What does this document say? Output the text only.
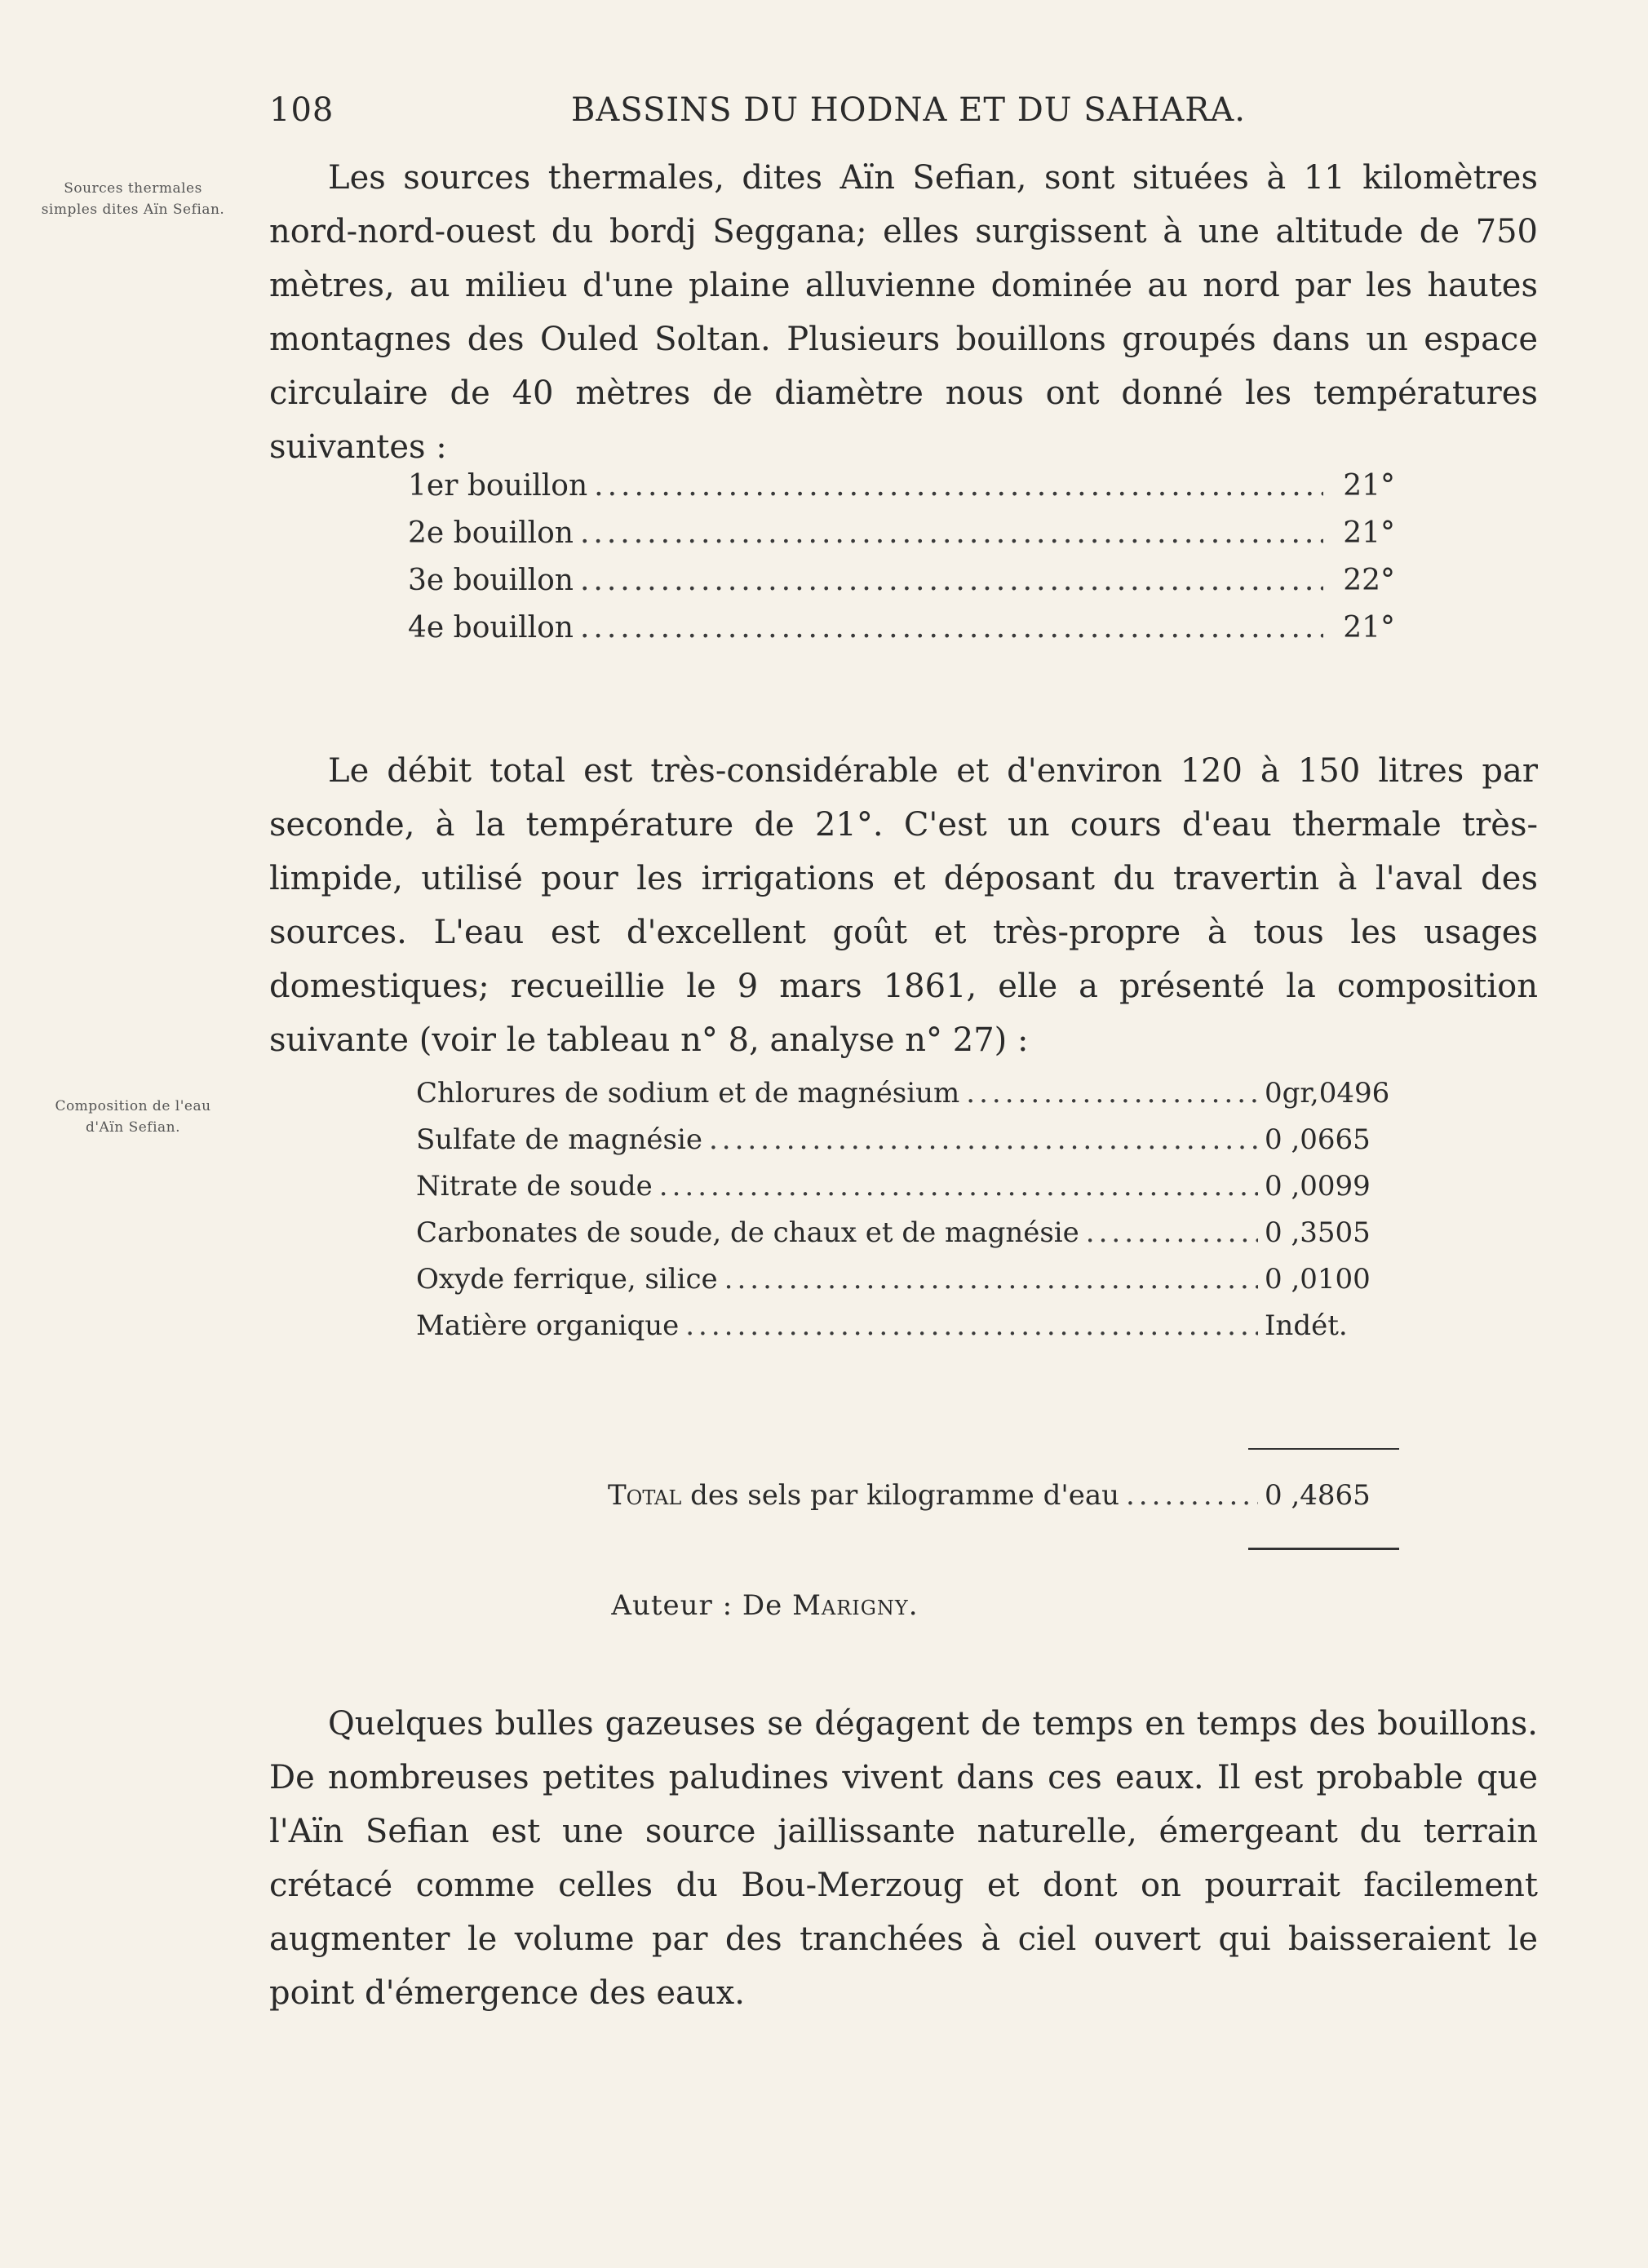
108	BASSINS DU HODNA ET DU SAHARA.
Sources thermales simples dites Aïn Sefian.
Composition de l'eau d'Aïn Sefian.

Les sources thermales, dites Aïn Sefian, sont situées à 11 kilomètres nord-nord-ouest du bordj Seggana; elles surgissent à une altitude de 750 mètres, au milieu d'une plaine alluvienne dominée au nord par les hautes montagnes des Ouled Soltan. Plusieurs bouillons groupés dans un espace circulaire de 40 mètres de diamètre nous ont donné les températures suivantes :

1er bouillon .....	21°
2e bouillon .....	21°
3e bouillon .....	22°
4e bouillon .....	21°

Le débit total est très-considérable et d'environ 120 à 150 litres par seconde, à la température de 21°. C'est un cours d'eau thermale très-limpide, utilisé pour les irrigations et déposant du travertin à l'aval des sources. L'eau est d'excellent goût et très-propre à tous les usages domestiques; recueillie le 9 mars 1861, elle a présenté la composition suivante (voir le tableau n° 8, analyse n° 27) :

Chlorures de sodium et de magnésium .....	0gr,0496
Sulfate de magnésie .....	0 ,0665
Nitrate de soude .....	0 ,0099
Carbonates de soude, de chaux et de magnésie .....	0 ,3505
Oxyde ferrique, silice .....	0 ,0100
Matière organique .....	Indét.
Total des sels par kilogramme d'eau .....	0 ,4865
Auteur : De Marigny.

Quelques bulles gazeuses se dégagent de temps en temps des bouillons. De nombreuses petites paludines vivent dans ces eaux. Il est probable que l'Aïn Sefian est une source jaillissante naturelle, émergeant du terrain crétacé comme celles du Bou-Merzoug et dont on pourrait facilement augmenter le volume par des tranchées à ciel ouvert qui baisseraient le point d'émergence des eaux.
